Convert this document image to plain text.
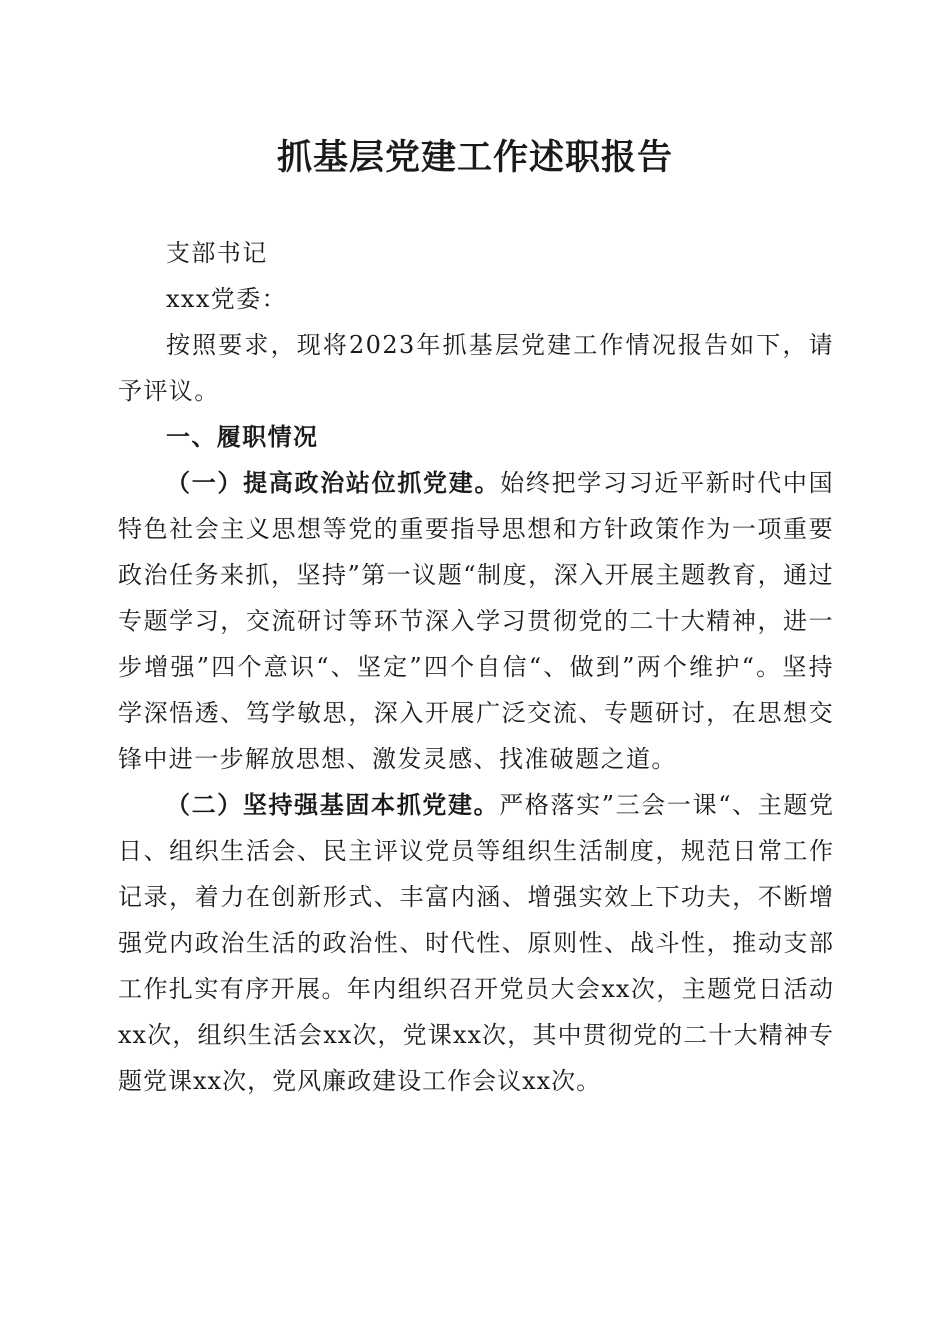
抓基层党建工作述职报告

支部书记

xxx党委：

按照要求，现将2023年抓基层党建工作情况报告如下，请予评议。

一、履职情况

（一）提高政治站位抓党建。始终把学习习近平新时代中国特色社会主义思想等党的重要指导思想和方针政策作为一项重要政治任务来抓，坚持”第一议题“制度，深入开展主题教育，通过专题学习，交流研讨等环节深入学习贯彻党的二十大精神，进一步增强”四个意识“、坚定”四个自信“、做到”两个维护“。坚持学深悟透、笃学敏思，深入开展广泛交流、专题研讨，在思想交锋中进一步解放思想、激发灵感、找准破题之道。

（二）坚持强基固本抓党建。严格落实”三会一课“、主题党日、组织生活会、民主评议党员等组织生活制度，规范日常工作记录，着力在创新形式、丰富内涵、增强实效上下功夫，不断增强党内政治生活的政治性、时代性、原则性、战斗性，推动支部工作扎实有序开展。年内组织召开党员大会xx次，主题党日活动xx次，组织生活会xx次，党课xx次，其中贯彻党的二十大精神专题党课xx次，党风廉政建设工作会议xx次。
